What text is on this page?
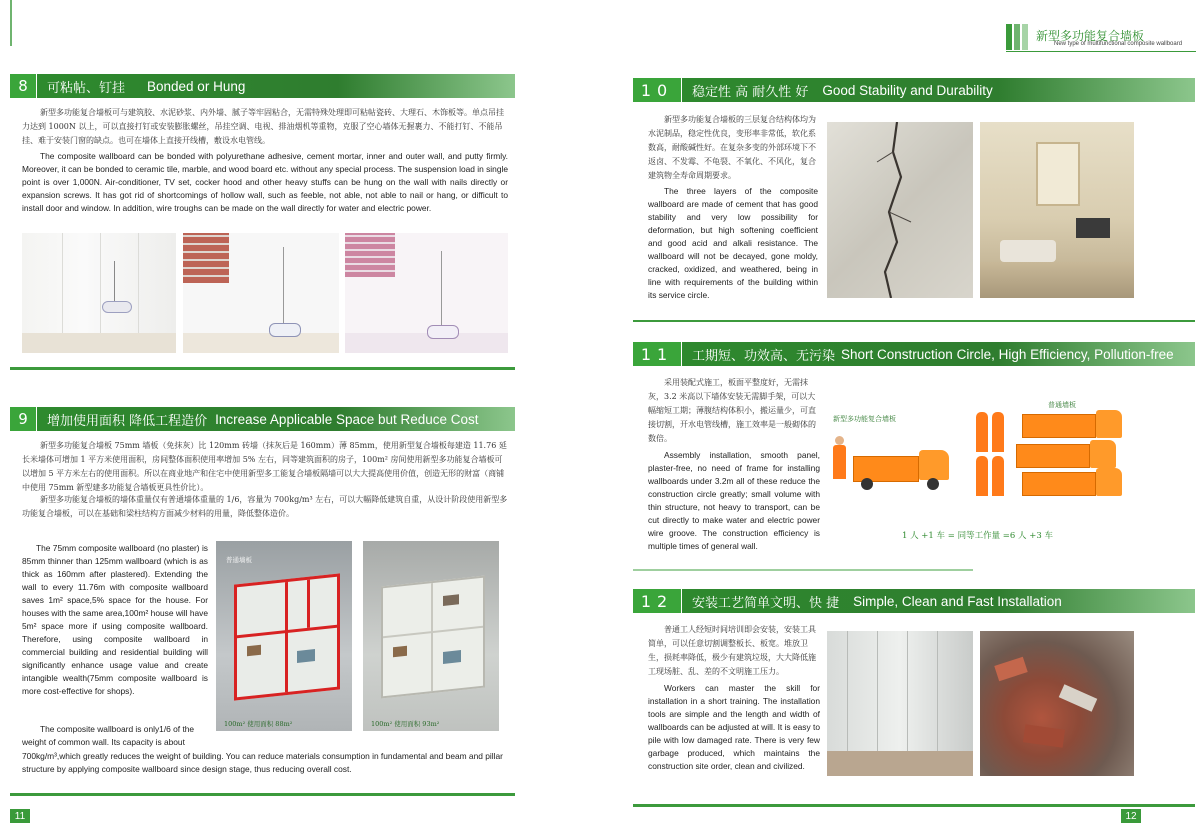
新型多功能复合墙板
New type of multifunctional composite wallboard
8	可粘帖、钉挂 Bonded or Hung

新型多功能复合墙板可与建筑胶、水泥砂浆、内外墙、腻子等牢固粘合，无需特殊处理即可粘帖瓷砖、大理石、木饰板等。单点吊挂力达到 1000N 以上，可以直接打钉或安装膨胀螺丝，吊挂空调、电视、排油烟机等重物，克服了空心墙体无握裹力、不能打钉、不能吊挂、难于安装门窗的缺点。也可在墙体上直接开线槽，敷设水电管线。

The composite wallboard can be bonded with polyurethane adhesive, cement mortar, inner and outer wall, and putty firmly. Moreover, it can be bonded to ceramic tile, marble, and wood board etc. without any special process. The suspension load in single point is over 1,000N. Air-conditioner, TV set, cocker hood and other heavy stuffs can be hung on the wall with nails directly or expansion screws. It has got rid of shortcomings of hollow wall, such as feeble, not able, not able to nail or hang, or difficult to install door and window. In addition, wire troughs can be made on the wall directly for water and electric power.

9	增加使用面积 降低工程造价 Increase Applicable Space but Reduce Cost

新型多功能复合墙板 75mm 墙板（免抹灰）比 120mm 砖墙（抹灰后是 160mm）薄 85mm，使用新型复合墙板每建造 11.76 延长米墙体可增加 1 平方米使用面积，房间整体面积使用率增加 5% 左右，同等建筑面积的房子，100m² 房间使用新型多功能复合墙板可以增加 5 平方米左右的使用面积。所以在商业地产和住宅中使用新型多工能复合墙板隔墙可以大大提高使用价值，创造无形的财富（商铺中使用 75mm 新型建多功能复合墙板更具性价比）。

新型多功能复合墙板的墙体重量仅有普通墙体重量的 1/6，容量为 700kg/m³ 左右，可以大幅降低建筑自重，从设计阶段使用新型多功能复合墙板，可以在基础和梁柱结构方面减少材料的用量，降低整体造价。

The 75mm composite wallboard (no plaster) is 85mm thinner than 125mm wallboard (which is as thick as 160mm after plastered). Extending the wall to every 11.76m with composite wallboard saves 1m² space,5% space for the house. For houses with the same area,100m² house will have 5m² space more if using composite wallboard. Therefore, using composite wallboard in commercial building and residential building will significantly enhance usage value and create intangible wealth(75mm composite wallboard is more cost-effective for shops).

The composite wallboard is only1/6 of the weight of common wall. Its capacity is about

700kg/m³,which greatly reduces the weight of building. You can reduce materials consumption in fundamental and beam and pillar structure by applying composite wallboard since design stage, thus reducing overall cost.

普通墙板
100m² 使用面积 88m²	100m² 使用面积 93m²
11
10	稳定性 高 耐久性 好 Good Stability and Durability

新型多功能复合墙板的三层复合结构体均为水泥制品，稳定性优良，变形率非常低，软化系数高，耐酸碱性好。在复杂多变的外部环境下不返卤、不发霉、不龟裂、不氧化、不风化，复合建筑物全寿命周期要求。

The three layers of the composite wallboard are made of cement that has good stability and very low possibility for deformation, but high softening coefficient and good acid and alkali resistance. The wallboard will not be decayed, gone moldy, cracked, oxidized, and weathered, being in line with requirements of the building within its service circle.

11	工期短、功效高、无污染 Short Construction Circle, High Efficiency, Pollution-free

采用装配式施工，板面平整度好，无需抹灰，3.2 米高以下墙体安装无需脚手架，可以大幅缩短工期；薄腹结构体积小，搬运量少，可直接切割，开水电管线槽，施工效率是一般砌体的数倍。

Assembly installation, smooth panel, plaster-free, no need of frame for installing wallboards under 3.2m all of these reduce the construction circle greatly; small volume with thin structure, not heavy to transport, can be cut directly to make water and electric power wire groove. The construction efficiency is multiple times of general wall.

新型多功能复合墙板
普通墙板
1 人 +1 车 = 同等工作量 =6 人 +3 车
12	安装工艺简单文明、快 捷 Simple, Clean and Fast Installation

普通工人经短时间培训即会安装，安装工具简单，可以任意切割调整板长、板宽。堆放卫生，损耗率降低，极少有建筑垃圾，大大降低施工现场脏、乱、差的不文明施工压力。

Workers can master the skill for installation in a short training. The installation tools are simple and the length and width of wallboards can be adjusted at will. It is easy to pile with low damaged rate. There is very few garbage produced, which maintains the construction site order, clean and civilized.

12
